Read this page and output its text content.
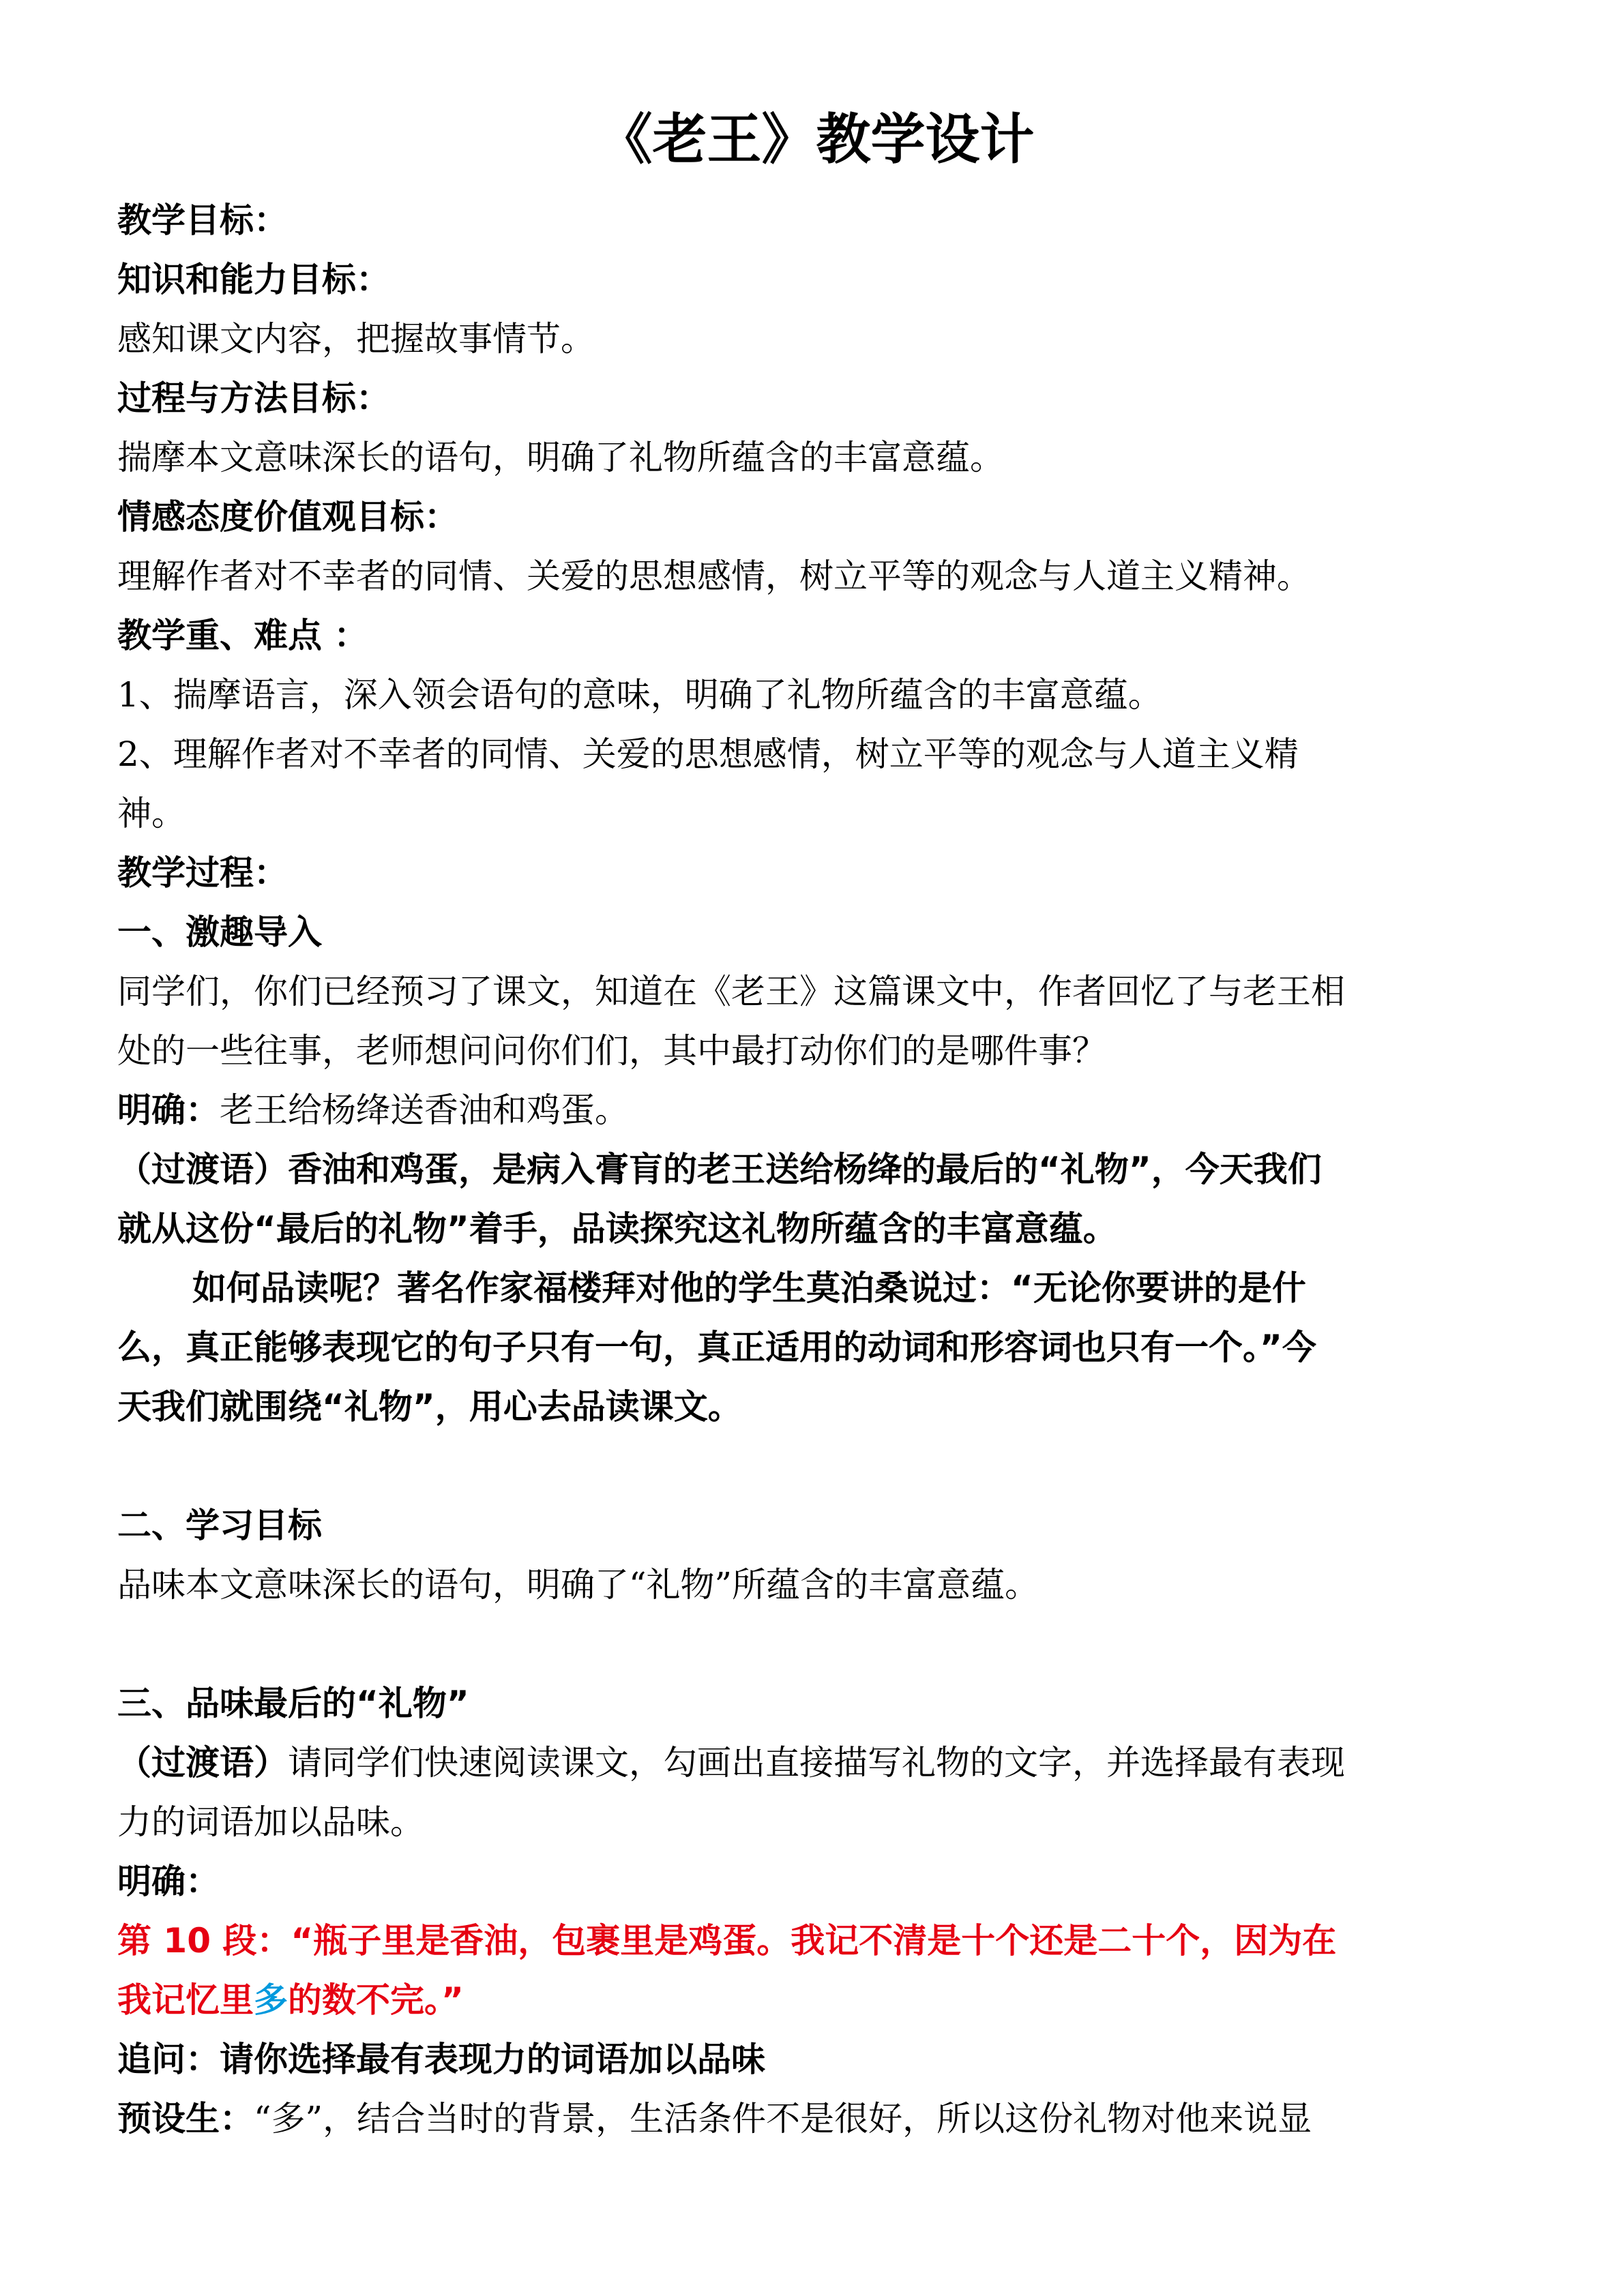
《老王》教学设计

教学目标：

知识和能力目标：

感知课文内容，把握故事情节。

过程与方法目标：

揣摩本文意味深长的语句，明确了礼物所蕴含的丰富意蕴。

情感态度价值观目标：

理解作者对不幸者的同情、关爱的思想感情，树立平等的观念与人道主义精神。

教学重、难点 ：

1、揣摩语言，深入领会语句的意味，明确了礼物所蕴含的丰富意蕴。

2、理解作者对不幸者的同情、关爱的思想感情，树立平等的观念与人道主义精

神。

教学过程：

一、激趣导入

同学们，你们已经预习了课文，知道在《老王》这篇课文中，作者回忆了与老王相

处的一些往事，老师想问问你们们，其中最打动你们的是哪件事？

明确：老王给杨绛送香油和鸡蛋。

（过渡语）香油和鸡蛋，是病入膏肓的老王送给杨绛的最后的“礼物”，今天我们

就从这份“最后的礼物”着手，品读探究这礼物所蕴含的丰富意蕴。

如何品读呢？著名作家福楼拜对他的学生莫泊桑说过：“无论你要讲的是什

么，真正能够表现它的句子只有一句，真正适用的动词和形容词也只有一个。”今

天我们就围绕“礼物”，用心去品读课文。

二、学习目标

品味本文意味深长的语句，明确了“礼物”所蕴含的丰富意蕴。

三、品味最后的“礼物”

（过渡语）请同学们快速阅读课文，勾画出直接描写礼物的文字，并选择最有表现

力的词语加以品味。

明确：

第 10 段：“瓶子里是香油，包裹里是鸡蛋。我记不清是十个还是二十个，因为在

我记忆里多的数不完。”

追问：请你选择最有表现力的词语加以品味

预设生：“多”，结合当时的背景，生活条件不是很好，所以这份礼物对他来说显
